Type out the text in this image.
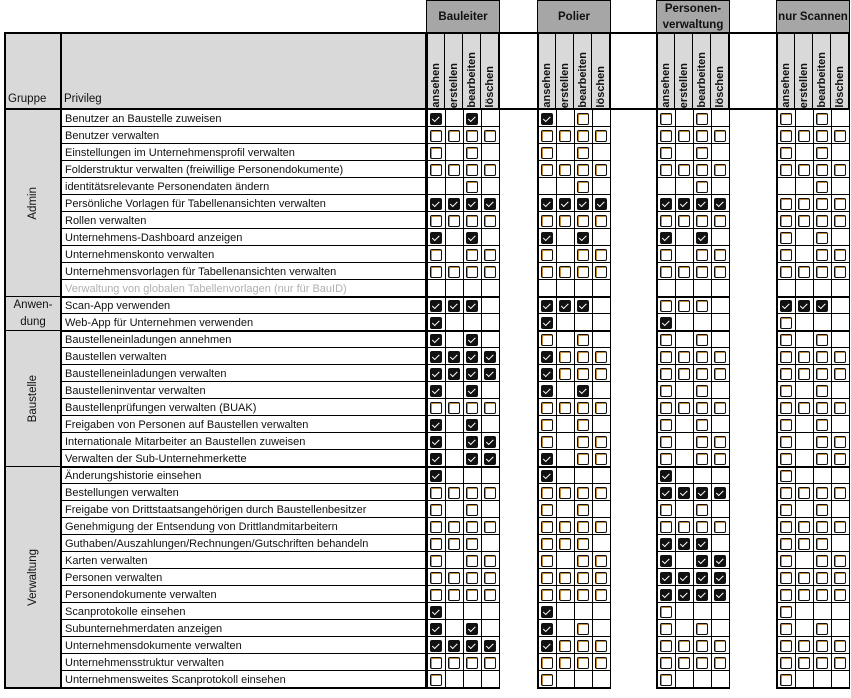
Gruppe Privileg
Bauleiter
ansehen erstellen bearbeiten löschen
Polier
ansehen erstellen bearbeiten löschen
Personen-
verwaltung
ansehen erstellen bearbeiten löschen
nur Scannen
ansehen erstellen bearbeiten löschen
Admin
Benutzer an Baustelle zuweisen
Benutzer verwalten
Einstellungen im Unternehmensprofil verwalten
Folderstruktur verwalten (freiwillige Personendokumente)
identitätsrelevante Personendaten ändern
Persönliche Vorlagen für Tabellenansichten verwalten
Rollen verwalten
Unternehmens-Dashboard anzeigen
Unternehmenskonto verwalten
Unternehmensvorlagen für Tabellenansichten verwalten
Verwaltung von globalen Tabellenvorlagen (nur für BauID)
Anwen-
dung
Scan-App verwenden
Web-App für Unternehmen verwenden
Baustelle
Baustelleneinladungen annehmen
Baustellen verwalten
Baustelleneinladungen verwalten
Baustelleninventar verwalten
Baustellenprüfungen verwalten (BUAK)
Freigaben von Personen auf Baustellen verwalten
Internationale Mitarbeiter an Baustellen zuweisen
Verwalten der Sub-Unternehmerkette
Verwaltung
Änderungshistorie einsehen
Bestellungen verwalten
Freigabe von Drittstaatsangehörigen durch Baustellenbesitzer
Genehmigung der Entsendung von Drittlandmitarbeitern
Guthaben/Auszahlungen/Rechnungen/Gutschriften behandeln
Karten verwalten
Personen verwalten
Personendokumente verwalten
Scanprotokolle einsehen
Subunternehmerdaten anzeigen
Unternehmensdokumente verwalten
Unternehmensstruktur verwalten
Unternehmensweites Scanprotokoll einsehen
